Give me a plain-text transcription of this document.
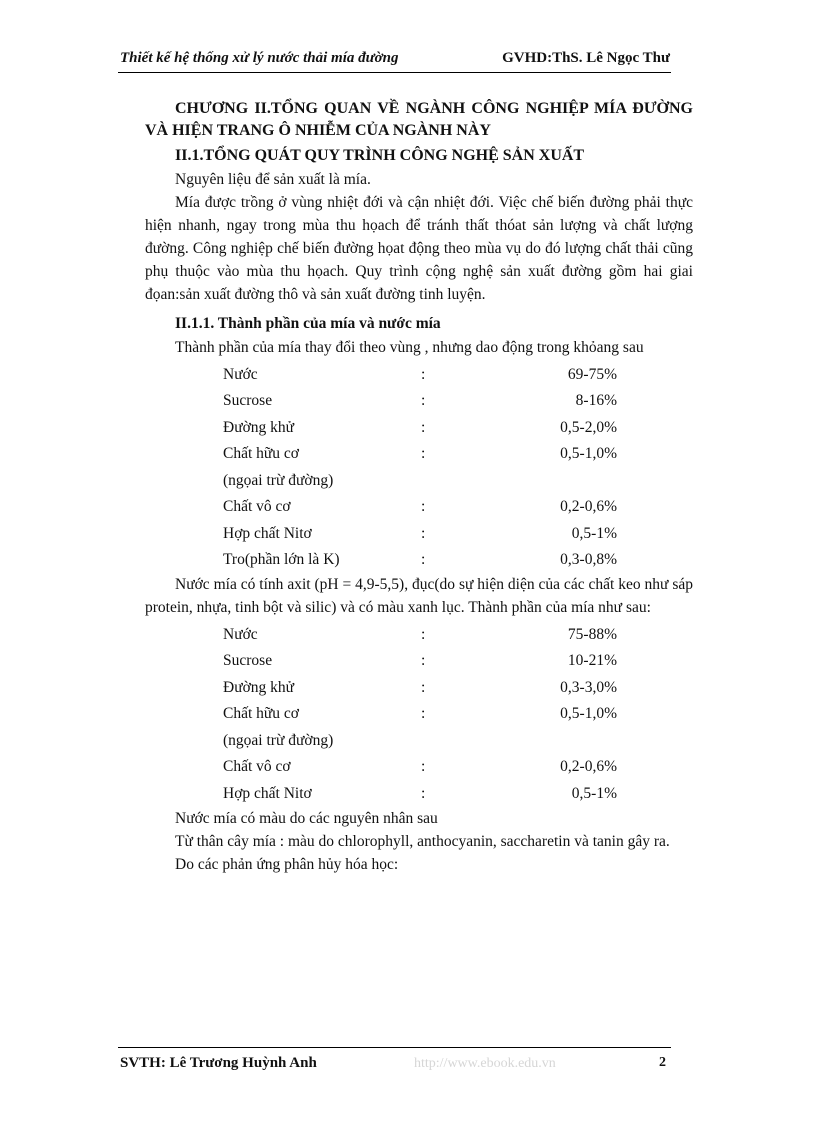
Thiết kế hệ thống xử lý nước thải mía đường	GVHD:ThS. Lê Ngọc Thư

CHƯƠNG II.TỔNG QUAN VỀ NGÀNH CÔNG NGHIỆP MÍA ĐƯỜNG VÀ HIỆN TRANG Ô NHIỄM CỦA NGÀNH NÀY

II.1.TỔNG QUÁT QUY TRÌNH CÔNG NGHỆ SẢN XUẤT

Nguyên liệu để sản xuất là mía.

Mía được trồng ở vùng nhiệt đới và cận nhiệt đới. Việc chế biến đường phải thực hiện nhanh, ngay trong mùa thu họach để tránh thất thóat sản lượng và chất lượng đường. Công nghiệp chế biến đường họat động theo mùa vụ do đó lượng chất thải cũng phụ thuộc vào mùa thu họach. Quy trình cộng nghệ sản xuất đường gồm hai giai đọan:sản xuất đường thô và sản xuất đường tinh luyện.

II.1.1. Thành phần của mía và nước mía

Thành phần của mía thay đổi theo vùng , nhưng dao động trong khỏang sau

Nước	:	69-75%
Sucrose	:	8-16%
Đường khử	:	0,5-2,0%
Chất hữu cơ	:	0,5-1,0%
(ngọai trừ đường)
Chất vô cơ	:	0,2-0,6%
Hợp chất Nitơ	:	0,5-1%
Tro(phần lớn là K)	:	0,3-0,8%

Nước mía có tính axit (pH = 4,9-5,5), đục(do sự hiện diện của các chất keo như sáp protein, nhựa, tinh bột và silic) và có màu xanh lục. Thành phần của mía như sau:

Nước	:	75-88%
Sucrose	:	10-21%
Đường khử	:	0,3-3,0%
Chất hữu cơ	:	0,5-1,0%
(ngọai trừ đường)
Chất vô cơ	:	0,2-0,6%
Hợp chất Nitơ	:	0,5-1%

Nước mía có màu do các nguyên nhân sau

Từ thân cây mía : màu do chlorophyll, anthocyanin, saccharetin và tanin gây ra.

Do các phản ứng phân hủy hóa học:

SVTH: Lê Trương Huỳnh Anh	http://www.ebook.edu.vn	2
